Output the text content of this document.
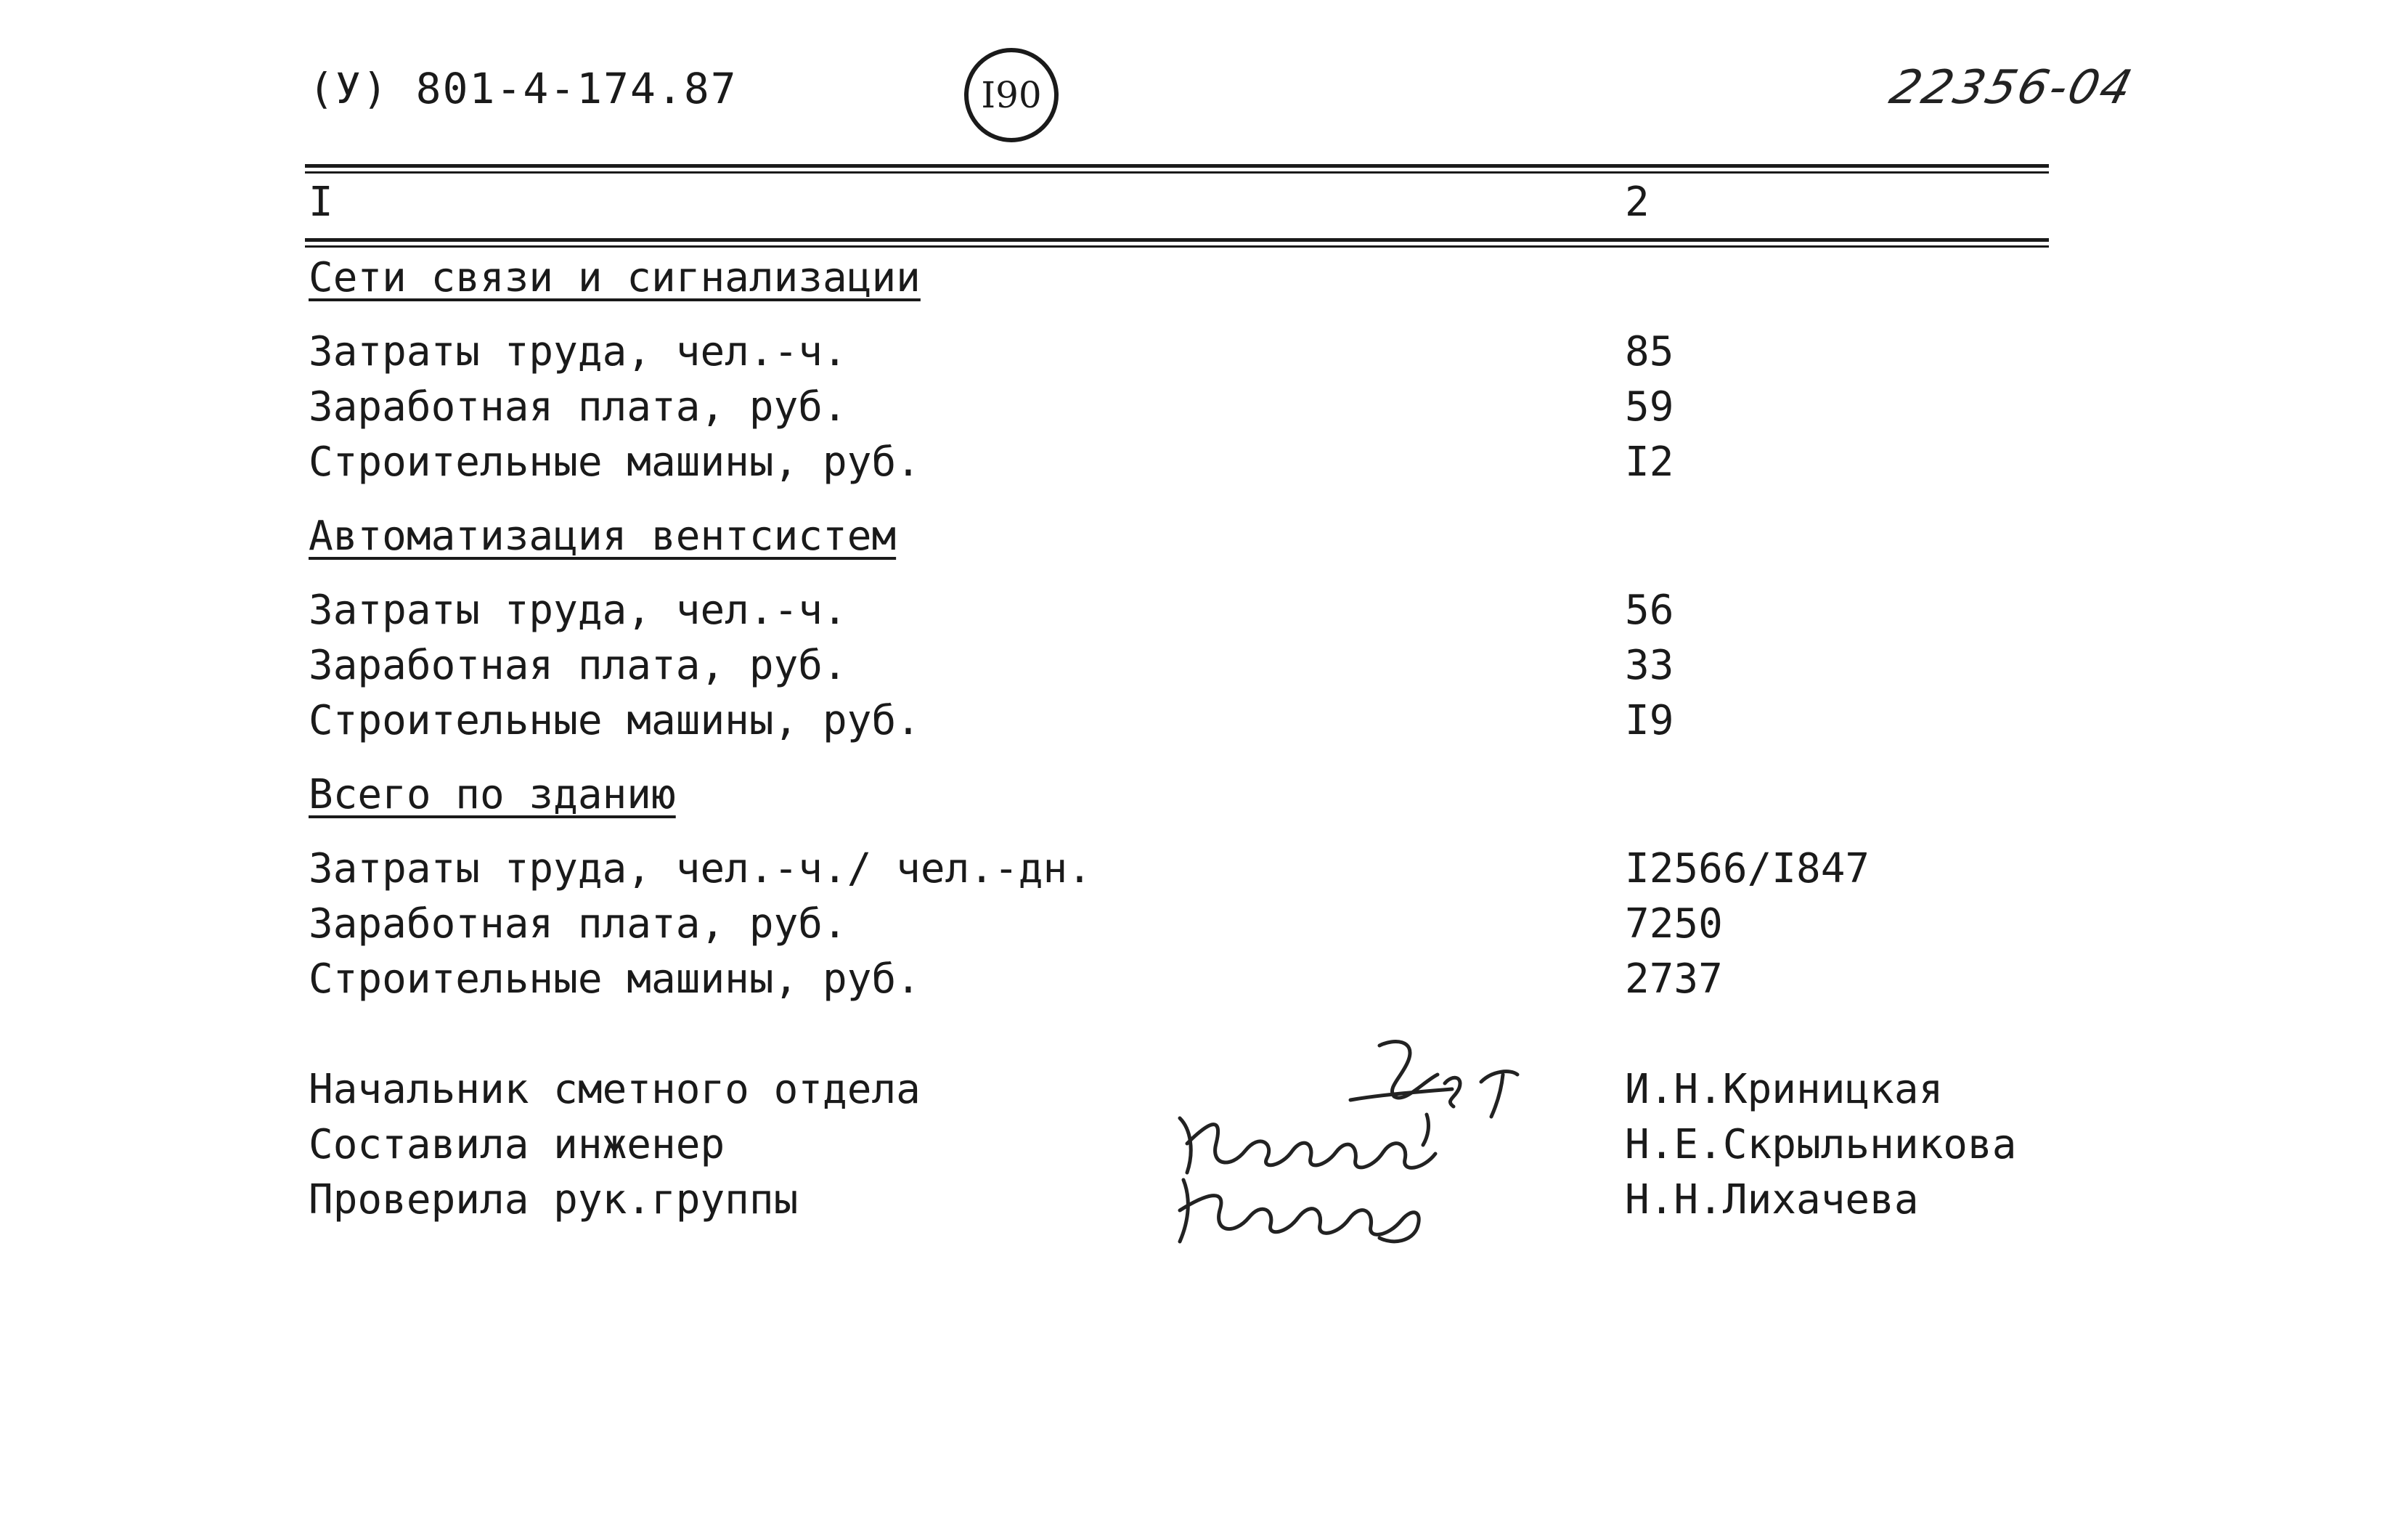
(У) 801-4-174.87	I90	22356-04
I	2
Сети связи и сигнализации
Затраты труда, чел.-ч.	85
Заработная плата, руб.	59
Строительные машины, руб.	I2
Автоматизация вентсистем
Затраты труда, чел.-ч.	56
Заработная плата, руб.	33
Строительные машины, руб.	I9
Всего по зданию
Затраты труда, чел.-ч./ чел.-дн.	I2566/I847
Заработная плата, руб.	7250
Строительные машины, руб.	2737
Начальник сметного отдела	И.Н.Криницкая
Составила инженер	Н.Е.Скрыльникова
Проверила рук.группы	Н.Н.Лихачева
